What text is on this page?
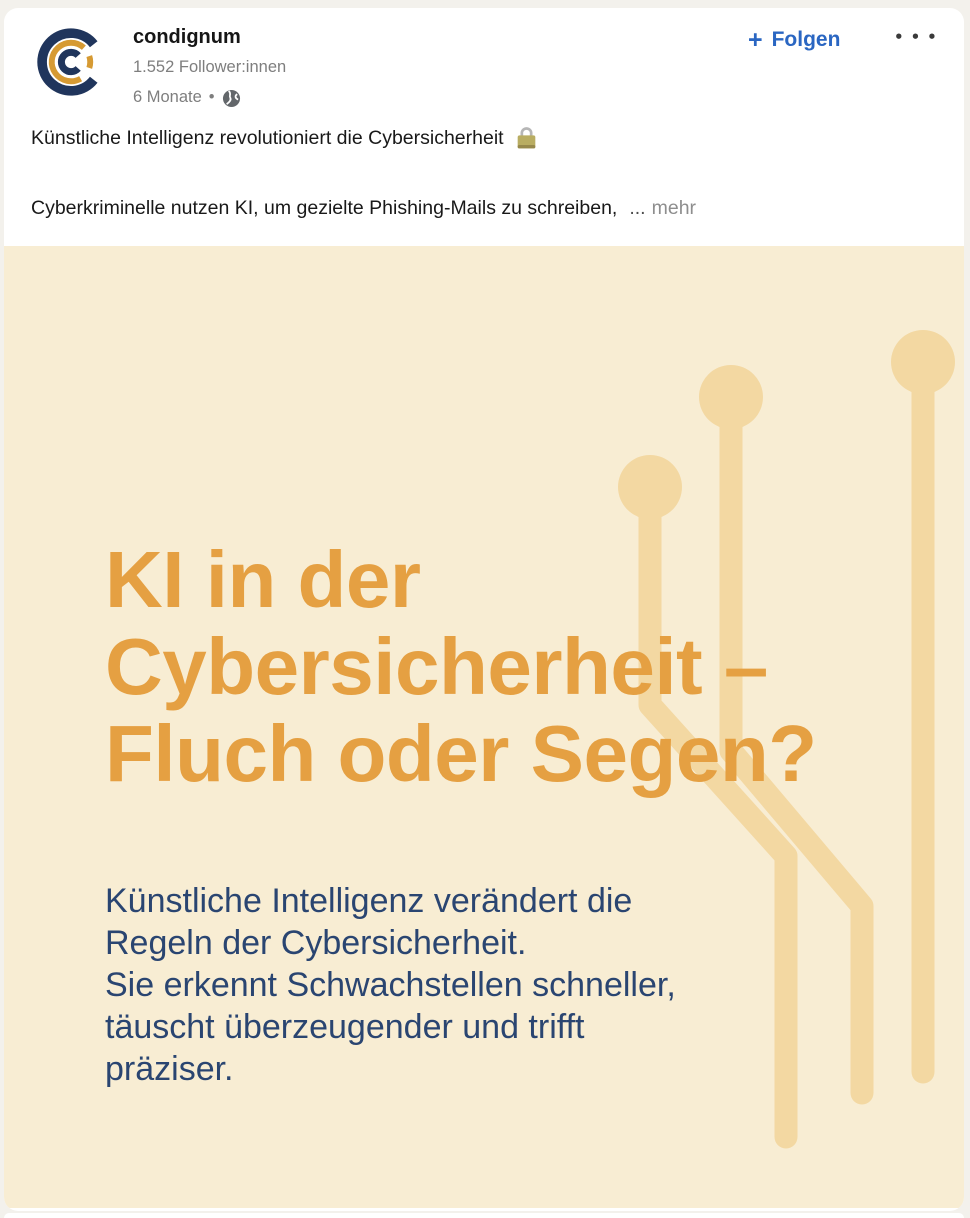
condignum
1.552 Follower:innen
6 Monate •
+ Folgen	•••
Künstliche Intelligenz revolutioniert die Cybersicherheit
Cyberkriminelle nutzen KI, um gezielte Phishing-Mails zu schreiben, ... mehr
KI in der
Cybersicherheit –
Fluch oder Segen?
Künstliche Intelligenz verändert die
Regeln der Cybersicherheit.
Sie erkennt Schwachstellen schneller,
täuscht überzeugender und trifft
präziser.
